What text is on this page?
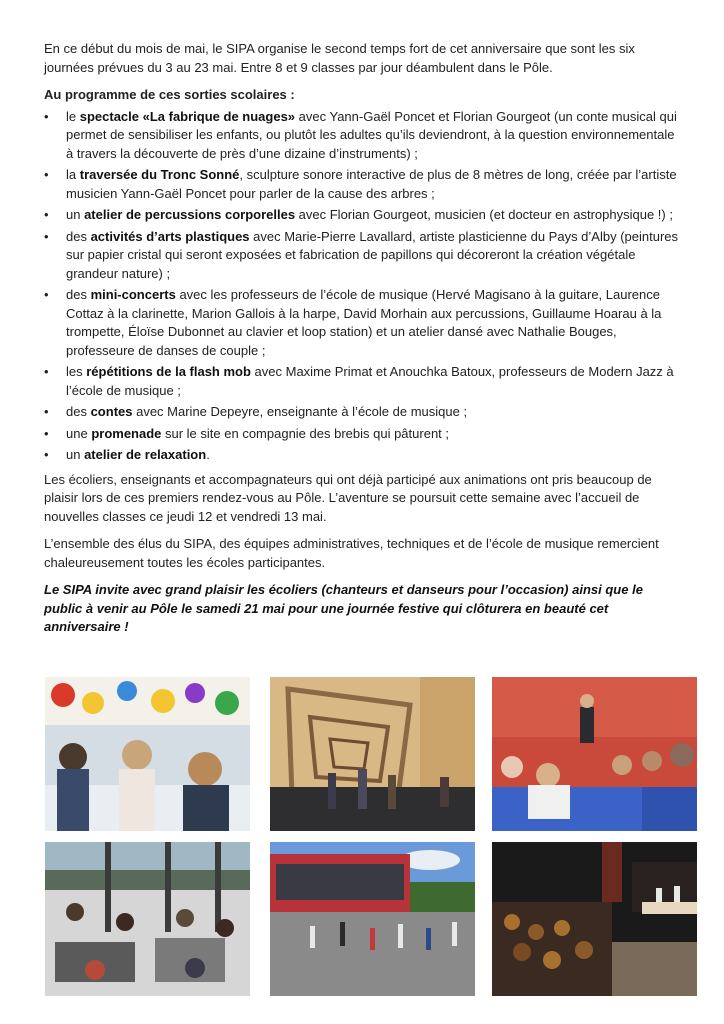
En ce début du mois de mai, le SIPA organise le second temps fort de cet anniversaire que sont les six journées prévues du 3 au 23 mai. Entre 8 et 9 classes par jour déambulent dans le Pôle.

Au programme de ces sorties scolaires :

• le spectacle «La fabrique de nuages» avec Yann-Gaël Poncet et Florian Gourgeot (un conte musical qui permet de sensibiliser les enfants, ou plutôt les adultes qu’ils deviendront, à la question environnementale à travers la découverte de près d’une dizaine d’instruments) ;
• la traversée du Tronc Sonné, sculpture sonore interactive de plus de 8 mètres de long, créée par l’artiste musicien Yann-Gaël Poncet pour parler de la cause des arbres ;
• un atelier de percussions corporelles avec Florian Gourgeot, musicien (et docteur en astrophysique !) ;
• des activités d’arts plastiques avec Marie-Pierre Lavallard, artiste plasticienne du Pays d’Alby (peintures sur papier cristal qui seront exposées et fabrication de papillons qui décoreront la création végétale grandeur nature) ;
• des mini-concerts avec les professeurs de l’école de musique (Hervé Magisano à la guitare, Laurence Cottaz à la clarinette, Marion Gallois à la harpe, David Morhain aux percussions, Guillaume Hoarau à la trompette, Éloïse Dubonnet au clavier et loop station) et un atelier dansé avec Nathalie Bouges, professeure de danses de couple ;
• les répétitions de la flash mob avec Maxime Primat et Anouchka Batoux, professeurs de Modern Jazz à l’école de musique ;
• des contes avec Marine Depeyre, enseignante à l’école de musique ;
• une promenade sur le site en compagnie des brebis qui pâturent ;
• un atelier de relaxation.

Les écoliers, enseignants et accompagnateurs qui ont déjà participé aux animations ont pris beaucoup de plaisir lors de ces premiers rendez-vous au Pôle. L’aventure se poursuit cette semaine avec l’accueil de nouvelles classes ce jeudi 12 et vendredi 13 mai.

L’ensemble des élus du SIPA, des équipes administratives, techniques et de l’école de musique remercient chaleureusement toutes les écoles participantes.

Le SIPA invite avec grand plaisir les écoliers (chanteurs et danseurs pour l’occasion) ainsi que le public à venir au Pôle le samedi 21 mai pour une journée festive qui clôturera en beauté cet anniversaire !
